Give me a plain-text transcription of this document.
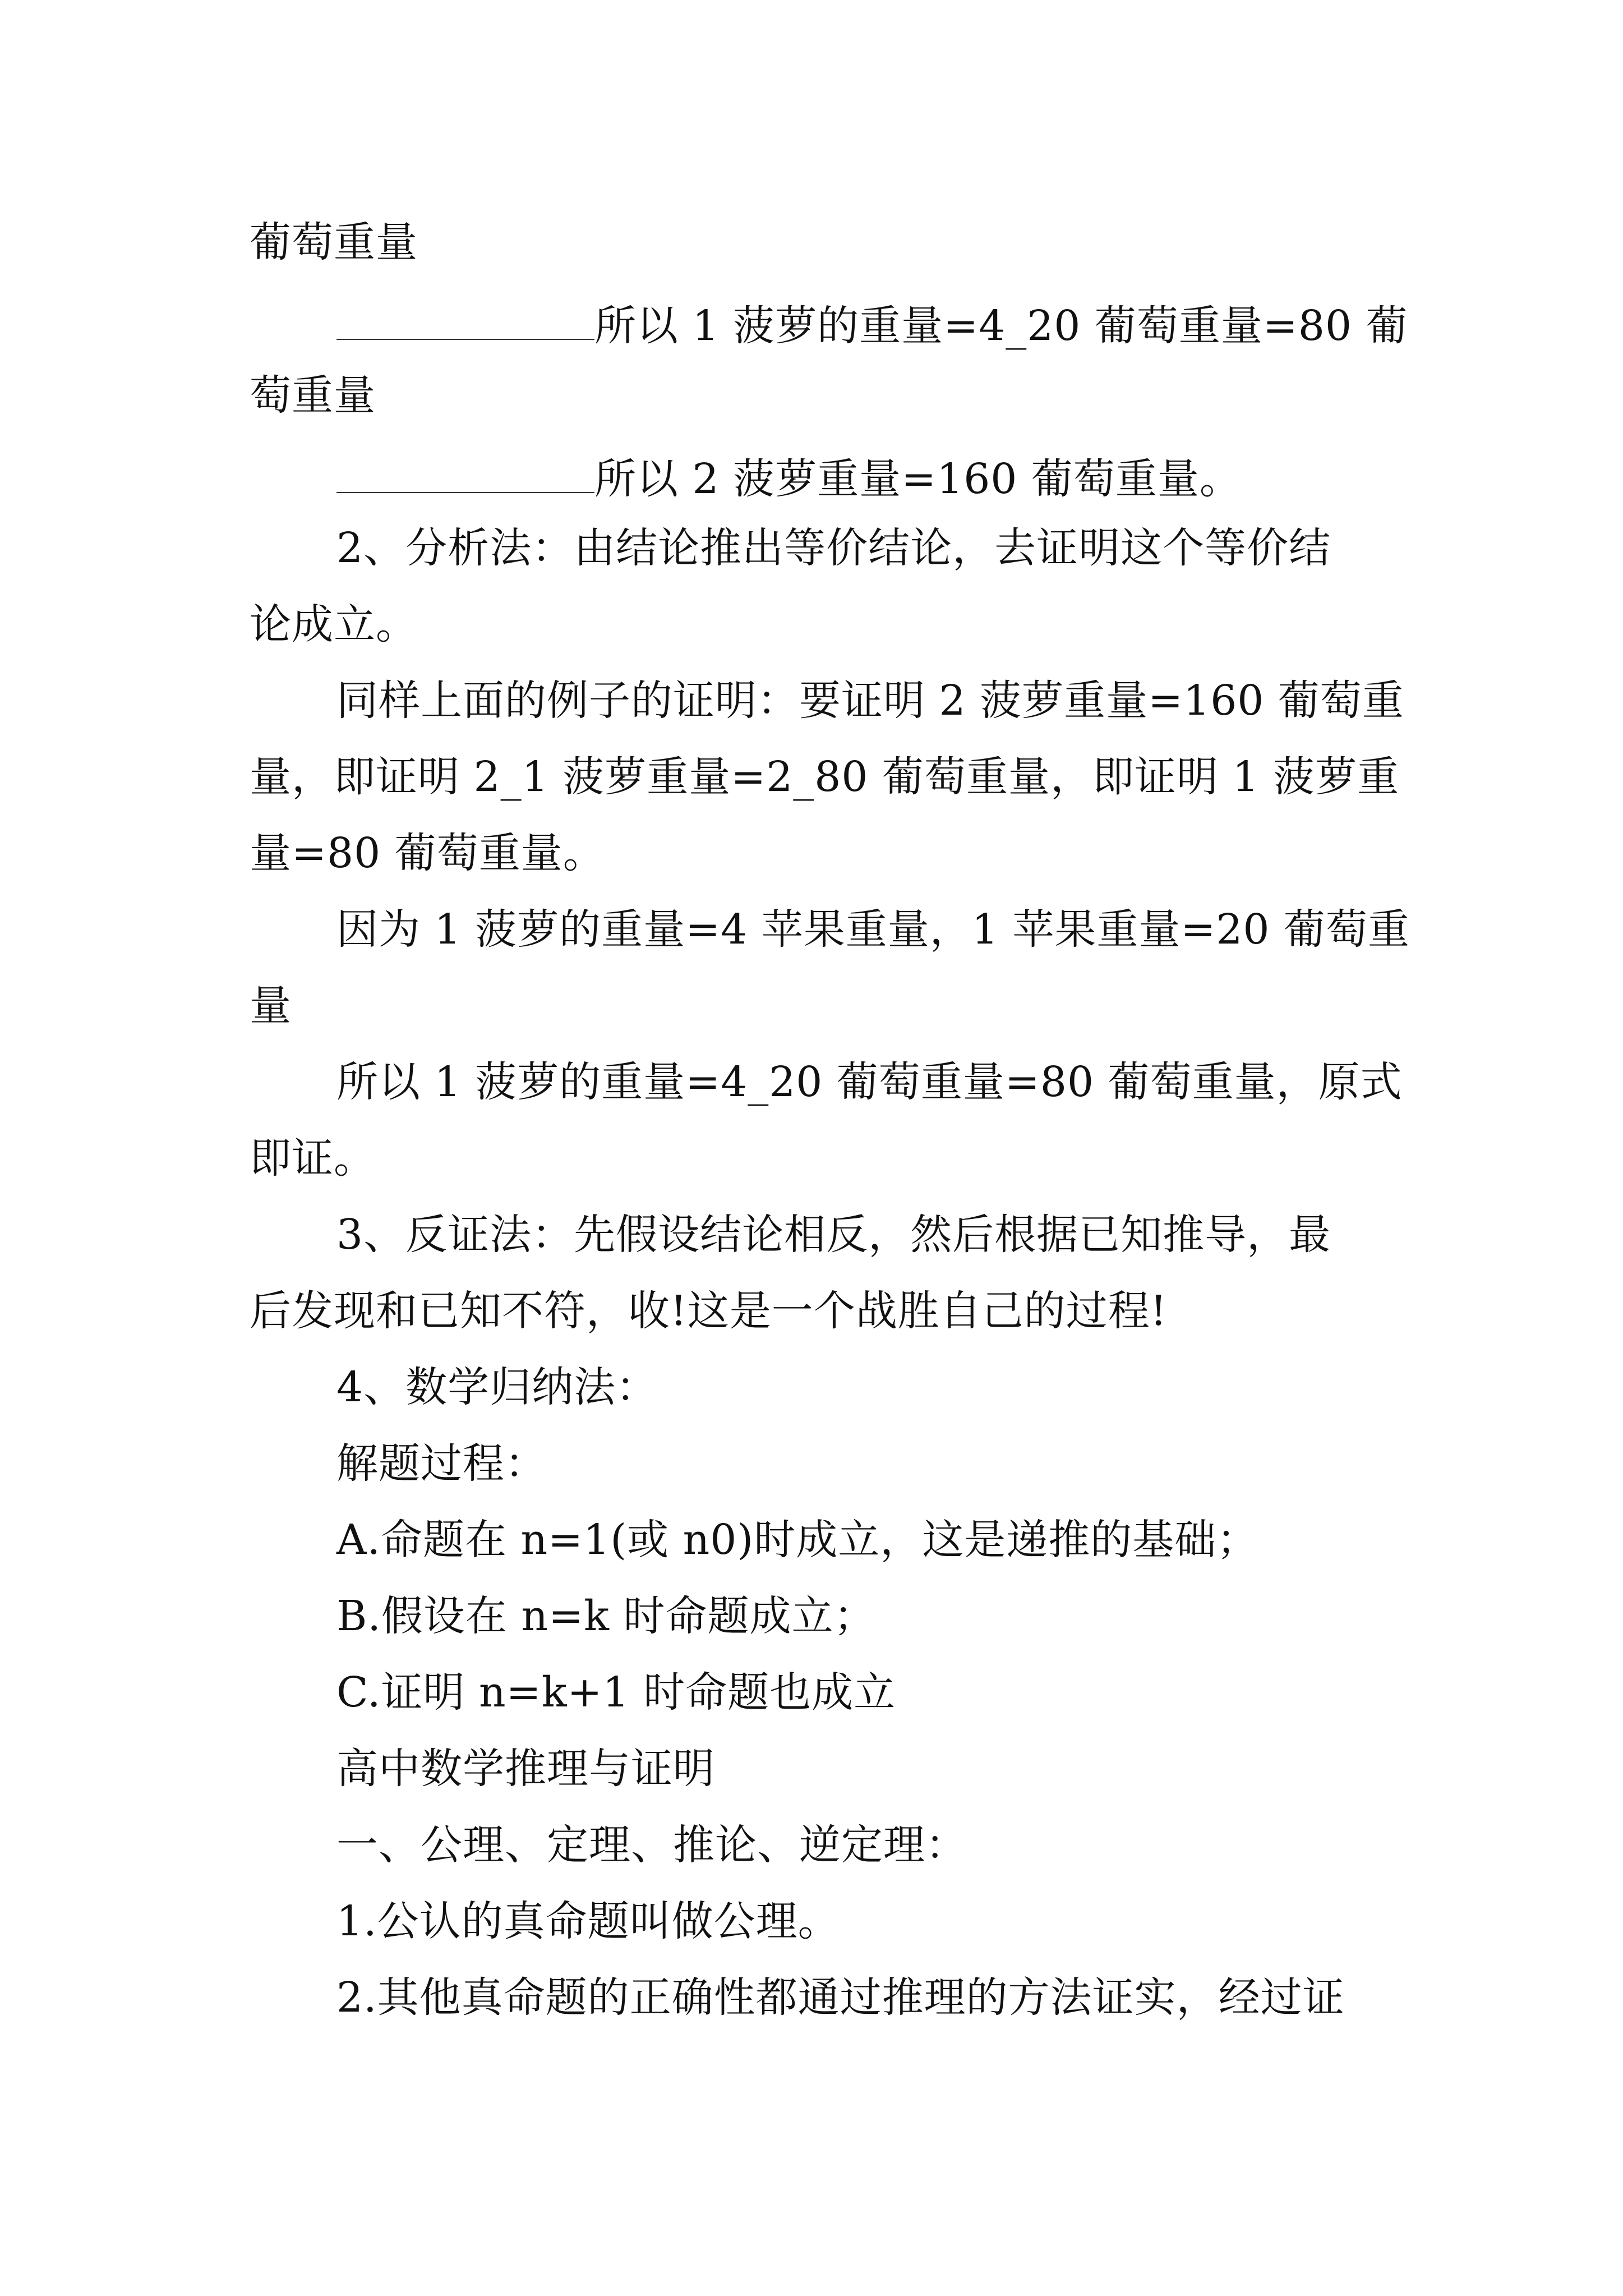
葡萄重量
所以 1 菠萝的重量=4_20 葡萄重量=80 葡
萄重量
所以 2 菠萝重量=160 葡萄重量。
2、分析法：由结论推出等价结论，去证明这个等价结
论成立。
同样上面的例子的证明：要证明 2 菠萝重量=160 葡萄重
量，即证明 2_1 菠萝重量=2_80 葡萄重量，即证明 1 菠萝重
量=80 葡萄重量。
因为 1 菠萝的重量=4 苹果重量，1 苹果重量=20 葡萄重
量
所以 1 菠萝的重量=4_20 葡萄重量=80 葡萄重量，原式
即证。
3、反证法：先假设结论相反，然后根据已知推导，最
后发现和已知不符，收!这是一个战胜自己的过程!
4、数学归纳法：
解题过程：
A.命题在 n=1(或 n0)时成立，这是递推的基础；
B.假设在 n=k 时命题成立；
C.证明 n=k+1 时命题也成立
高中数学推理与证明
一、公理、定理、推论、逆定理：
1.公认的真命题叫做公理。
2.其他真命题的正确性都通过推理的方法证实，经过证
